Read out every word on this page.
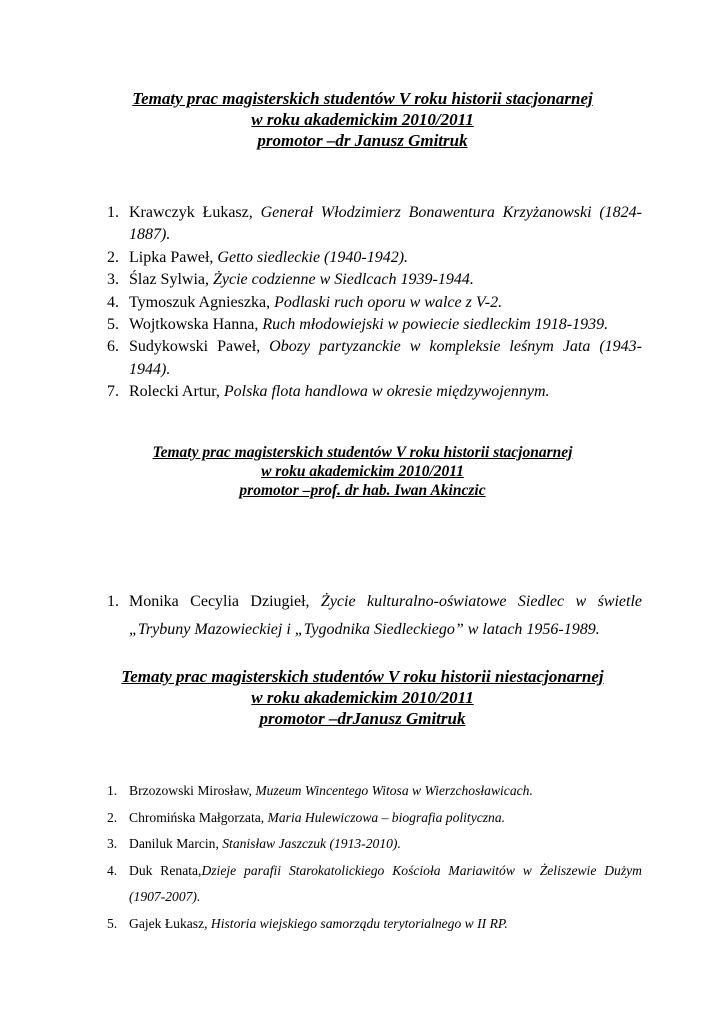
Tematy prac magisterskich studentów V roku historii stacjonarnej
w roku akademickim 2010/2011
promotor –dr Janusz Gmitruk
1. Krawczyk Łukasz, Generał Włodzimierz Bonawentura Krzyżanowski (1824-1887).
2. Lipka Paweł, Getto siedleckie (1940-1942).
3. Ślaz Sylwia, Życie codzienne w Siedlcach 1939-1944.
4. Tymoszuk Agnieszka, Podlaski ruch oporu w walce z V-2.
5. Wojtkowska Hanna, Ruch młodowiejski w powiecie siedleckim 1918-1939.
6. Sudykowski Paweł, Obozy partyzanckie w kompleksie leśnym Jata (1943-1944).
7. Rolecki Artur, Polska flota handlowa w okresie międzywojennym.
Tematy prac magisterskich studentów V roku historii stacjonarnej
w roku akademickim 2010/2011
promotor –prof. dr hab. Iwan Akinczic
1. Monika Cecylia Dziugieł, Życie kulturalno-oświatowe Siedlec w świetle „Trybuny Mazowieckiej i „Tygodnika Siedleckiego” w latach 1956-1989.
Tematy prac magisterskich studentów V roku historii niestacjonarnej
w roku akademickim 2010/2011
promotor –drJanusz Gmitruk
1. Brzozowski Mirosław, Muzeum Wincentego Witosa w Wierzchosławicach.
2. Chromińska Małgorzata, Maria Hulewiczowa – biografia polityczna.
3. Daniluk Marcin, Stanisław Jaszczuk (1913-2010).
4. Duk Renata,Dzieje parafii Starokatolickiego Kościoła Mariawitów w Żeliszewie Dużym (1907-2007).
5. Gajek Łukasz, Historia wiejskiego samorządu terytorialnego w II RP.
